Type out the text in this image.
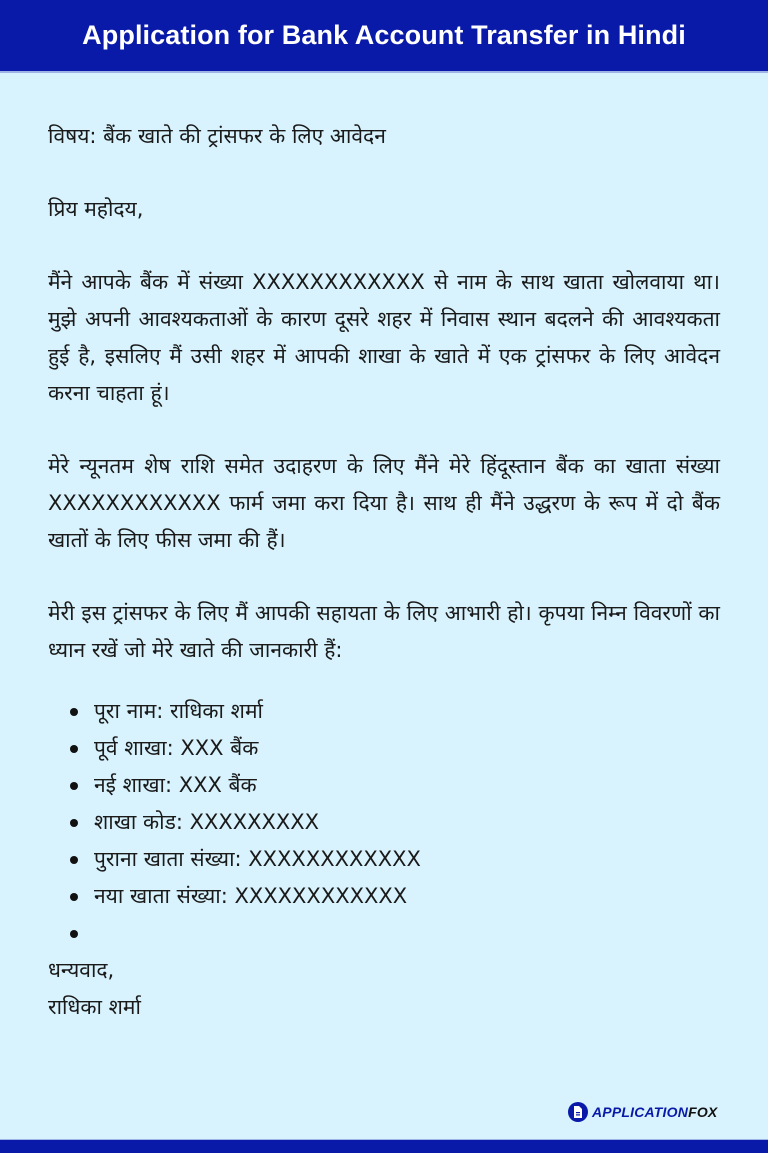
Application for Bank Account Transfer in Hindi

विषय: बैंक खाते की ट्रांसफर के लिए आवेदन

प्रिय महोदय,

मैंने आपके बैंक में संख्या XXXXXXXXXXXX से नाम के साथ खाता खोलवाया था। मुझे अपनी आवश्यकताओं के कारण दूसरे शहर में निवास स्थान बदलने की आवश्यकता हुई है, इसलिए मैं उसी शहर में आपकी शाखा के खाते में एक ट्रांसफर के लिए आवेदन करना चाहता हूं।

मेरे न्यूनतम शेष राशि समेत उदाहरण के लिए मैंने मेरे हिंदूस्तान बैंक का खाता संख्या XXXXXXXXXXXX फार्म जमा करा दिया है। साथ ही मैंने उद्धरण के रूप में दो बैंक खातों के लिए फीस जमा की हैं।

मेरी इस ट्रांसफर के लिए मैं आपकी सहायता के लिए आभारी हो। कृपया निम्न विवरणों का ध्यान रखें जो मेरे खाते की जानकारी हैं:

पूरा नाम: राधिका शर्मा
पूर्व शाखा: XXX बैंक
नई शाखा: XXX बैंक
शाखा कोड: XXXXXXXXX
पुराना खाता संख्या: XXXXXXXXXXXX
नया खाता संख्या: XXXXXXXXXXXX

धन्यवाद,

राधिका शर्मा

APPLICATIONFOX
